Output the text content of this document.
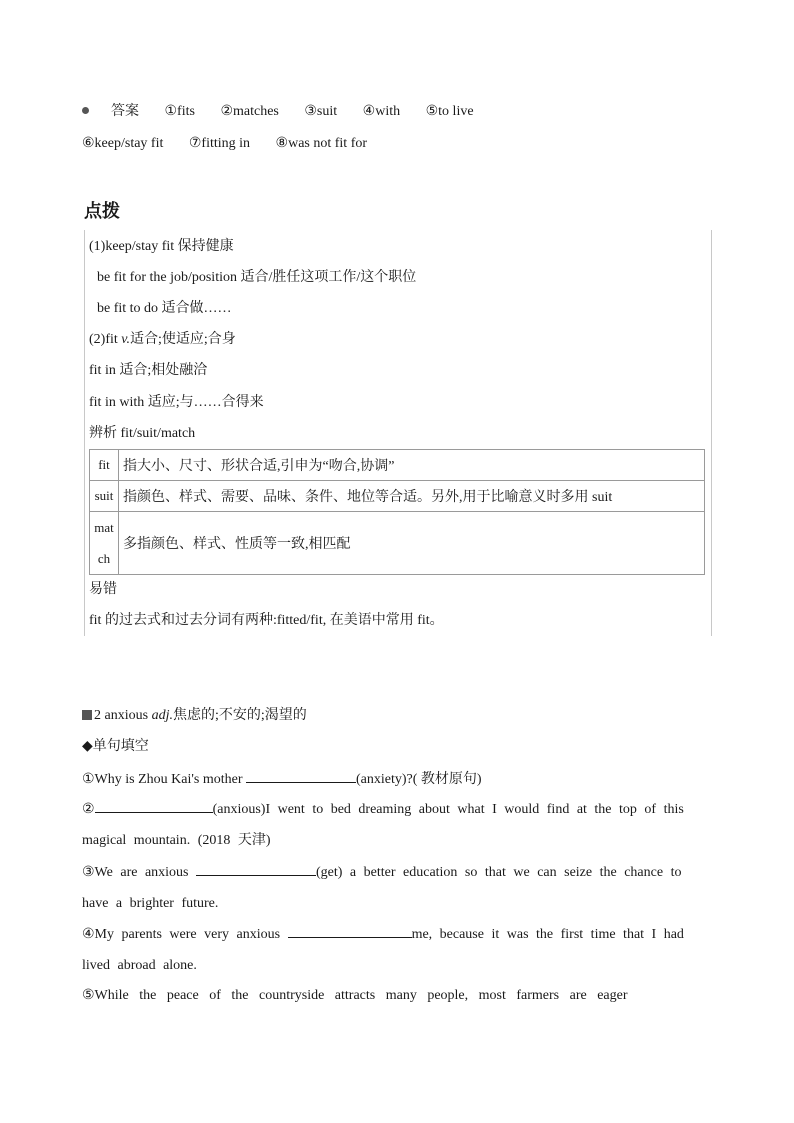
答案 ①fits ②matches ③suit ④with ⑤to live
⑥keep/stay fit ⑦fitting in ⑧was not fit for
点拨
(1)keep/stay fit 保持健康
be fit for the job/position 适合/胜任这项工作/这个职位
be fit to do 适合做……
(2)fit v.适合;使适应;合身
fit in 适合;相处融洽
fit in with 适应;与……合得来
辨析 fit/suit/match
fit	指大小、尺寸、形状合适,引申为“吻合,协调”
suit	指颜色、样式、需要、品味、条件、地位等合适。另外,用于比喻意义时多用 suit
mat
ch	多指颜色、样式、性质等一致,相匹配
易错
fit 的过去式和过去分词有两种:fitted/fit, 在美语中常用 fit。
2 anxious adj.焦虑的;不安的;渴望的
◆单句填空
①Why is Zhou Kai's mother	(anxiety)?( 教材原句)
②	(anxious)I went to bed dreaming about what I would find at the top of this
magical mountain. (2018 天津)
③We are anxious	(get) a better education so that we can seize the chance to
have a brighter future.
④My parents were very anxious	me, because it was the first time that I had
lived abroad alone.
⑤While   the   peace   of   the   countryside   attracts   many   people,   most   farmers   are   eager
